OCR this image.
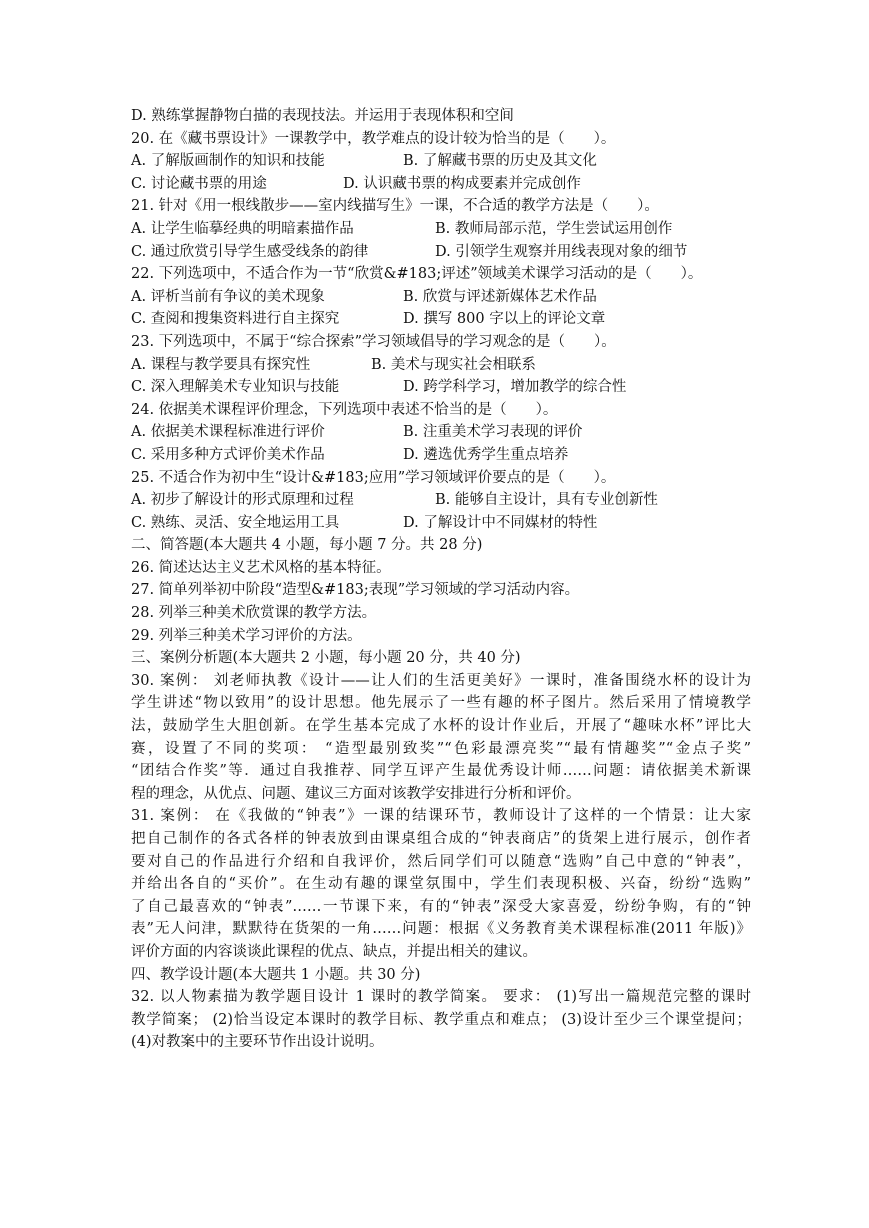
D. 熟练掌握静物白描的表现技法。并运用于表现体积和空间
20. 在《藏书票设计》一课教学中，教学难点的设计较为恰当的是（　　）。
A. 了解版画制作的知识和技能	B. 了解藏书票的历史及其文化
C. 讨论藏书票的用途	D. 认识藏书票的构成要素并完成创作
21. 针对《用一根线散步——室内线描写生》一课，不合适的教学方法是（　　）。
A. 让学生临摹经典的明暗素描作品	B. 教师局部示范，学生尝试运用创作
C. 通过欣赏引导学生感受线条的韵律	D. 引领学生观察并用线表现对象的细节
22. 下列选项中，不适合作为一节“欣赏&#183;评述”领域美术课学习活动的是（　　）。
A. 评析当前有争议的美术现象	B. 欣赏与评述新媒体艺术作品
C. 查阅和搜集资料进行自主探究	D. 撰写 800 字以上的评论文章
23. 下列选项中，不属于“综合探索”学习领域倡导的学习观念的是（　　）。
A. 课程与教学要具有探究性	B. 美术与现实社会相联系
C. 深入理解美术专业知识与技能	D. 跨学科学习，增加教学的综合性
24. 依据美术课程评价理念，下列选项中表述不恰当的是（　　）。
A. 依据美术课程标准进行评价	B. 注重美术学习表现的评价
C. 采用多种方式评价美术作品	D. 遴选优秀学生重点培养
25. 不适合作为初中生“设计&#183;应用”学习领域评价要点的是（　　）。
A. 初步了解设计的形式原理和过程	B. 能够自主设计，具有专业创新性
C. 熟练、灵活、安全地运用工具	D. 了解设计中不同媒材的特性
二、简答题(本大题共 4 小题，每小题 7 分。共 28 分)
26. 简述达达主义艺术风格的基本特征。
27. 简单列举初中阶段“造型&#183;表现”学习领域的学习活动内容。
28. 列举三种美术欣赏课的教学方法。
29. 列举三种美术学习评价的方法。
三、案例分析题(本大题共 2 小题，每小题 20 分，共 40 分)
30. 案例： 刘老师执教《设计——让人们的生活更美好》一课时，准备围绕水杯的设计为
学生讲述“物以致用”的设计思想。他先展示了一些有趣的杯子图片。然后采用了情境教学
法，鼓励学生大胆创新。在学生基本完成了水杯的设计作业后，开展了“趣味水杯”评比大
赛，设置了不同的奖项： “造型最别致奖”“色彩最漂亮奖”“最有情趣奖”“金点子奖”
“团结合作奖”等．通过自我推荐、同学互评产生最优秀设计师……问题：请依据美术新课
程的理念，从优点、问题、建议三方面对该教学安排进行分析和评价。
31. 案例： 在《我做的“钟表”》一课的结课环节，教师设计了这样的一个情景：让大家
把自己制作的各式各样的钟表放到由课桌组合成的“钟表商店”的货架上进行展示，创作者
要对自己的作品进行介绍和自我评价，然后同学们可以随意“选购”自己中意的“钟表”，
并给出各自的“买价”。在生动有趣的课堂氛围中，学生们表现积极、兴奋，纷纷“选购”
了自己最喜欢的“钟表”……一节课下来，有的“钟表”深受大家喜爱，纷纷争购，有的“钟
表”无人问津，默默待在货架的一角……问题：根据《义务教育美术课程标准(2011 年版)》
评价方面的内容谈谈此课程的优点、缺点，并提出相关的建议。
四、教学设计题(本大题共 1 小题。共 30 分)
32. 以人物素描为教学题目设计 1 课时的教学简案。 要求： (1)写出一篇规范完整的课时
教学简案； (2)恰当设定本课时的教学目标、教学重点和难点； (3)设计至少三个课堂提问；
(4)对教案中的主要环节作出设计说明。
